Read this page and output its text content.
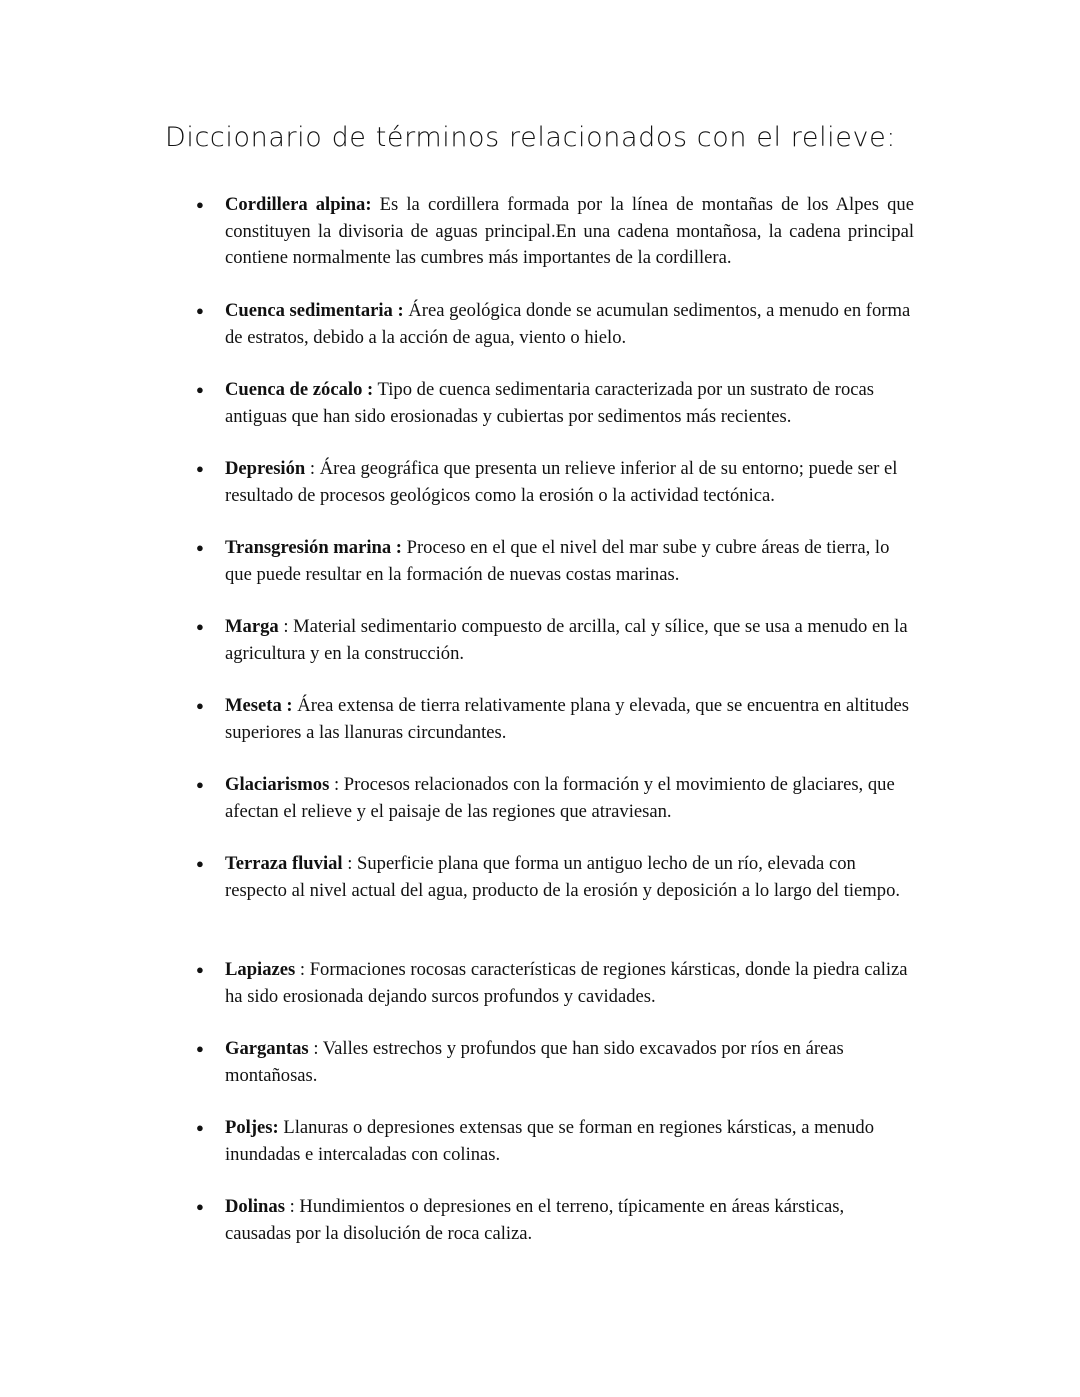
Diccionario de términos relacionados con el relieve:
●	Cordillera alpina: Es la cordillera formada por la línea de montañas de los Alpes que constituyen la divisoria de aguas principal.En una cadena montañosa, la cadena principal contiene normalmente las cumbres más importantes de la cordillera.
●	Cuenca sedimentaria : Área geológica donde se acumulan sedimentos, a menudo en forma de estratos, debido a la acción de agua, viento o hielo.
●	Cuenca de zócalo : Tipo de cuenca sedimentaria caracterizada por un sustrato de rocas antiguas que han sido erosionadas y cubiertas por sedimentos más recientes.
●	Depresión : Área geográfica que presenta un relieve inferior al de su entorno; puede ser el resultado de procesos geológicos como la erosión o la actividad tectónica.
●	Transgresión marina : Proceso en el que el nivel del mar sube y cubre áreas de tierra, lo que puede resultar en la formación de nuevas costas marinas.
●	Marga : Material sedimentario compuesto de arcilla, cal y sílice, que se usa a menudo en la agricultura y en la construcción.
●	Meseta : Área extensa de tierra relativamente plana y elevada, que se encuentra en altitudes superiores a las llanuras circundantes.
●	Glaciarismos : Procesos relacionados con la formación y el movimiento de glaciares, que afectan el relieve y el paisaje de las regiones que atraviesan.
●	Terraza fluvial : Superficie plana que forma un antiguo lecho de un río, elevada con respecto al nivel actual del agua, producto de la erosión y deposición a lo largo del tiempo.
●	Lapiazes : Formaciones rocosas características de regiones kársticas, donde la piedra caliza ha sido erosionada dejando surcos profundos y cavidades.
●	Gargantas : Valles estrechos y profundos que han sido excavados por ríos en áreas montañosas.
●	Poljes: Llanuras o depresiones extensas que se forman en regiones kársticas, a menudo inundadas e intercaladas con colinas.
●	Dolinas : Hundimientos o depresiones en el terreno, típicamente en áreas kársticas, causadas por la disolución de roca caliza.
